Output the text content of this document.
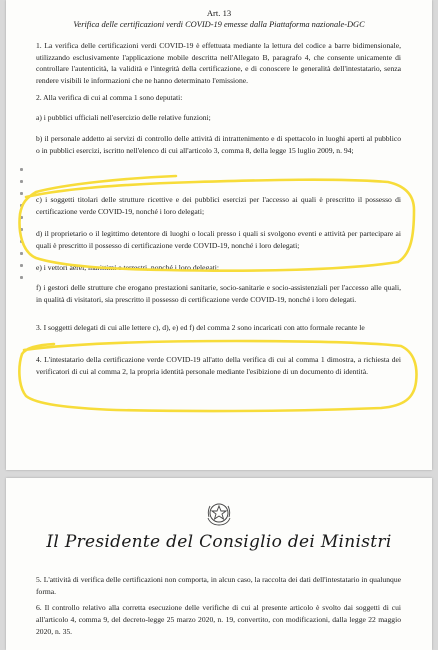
Art. 13
Verifica delle certificazioni verdi COVID-19 emesse dalla Piattaforma nazionale-DGC
1. La verifica delle certificazioni verdi COVID-19 è effettuata mediante la lettura del codice a barre bidimensionale, utilizzando esclusivamente l'applicazione mobile descritta nell'Allegato B, paragrafo 4, che consente unicamente di controllare l'autenticità, la validità e l'integrità della certificazione, e di conoscere le generalità dell'intestatario, senza rendere visibili le informazioni che ne hanno determinato l'emissione.
2. Alla verifica di cui al comma 1 sono deputati:
a) i pubblici ufficiali nell'esercizio delle relative funzioni;
b) il personale addetto ai servizi di controllo delle attività di intrattenimento e di spettacolo in luoghi aperti al pubblico o in pubblici esercizi, iscritto nell'elenco di cui all'articolo 3, comma 8, della legge 15 luglio 2009, n. 94;
c) i soggetti titolari delle strutture ricettive e dei pubblici esercizi per l'accesso ai quali è prescritto il possesso di certificazione verde COVID-19, nonché i loro delegati;
d) il proprietario o il legittimo detentore di luoghi o locali presso i quali si svolgono eventi e attività per partecipare ai quali è prescritto il possesso di certificazione verde COVID-19, nonché i loro delegati;
e) i vettori aerei, marittimi e terrestri, nonché i loro delegati;
f) i gestori delle strutture che erogano prestazioni sanitarie, socio-sanitarie e socio-assistenziali per l'accesso alle quali, in qualità di visitatori, sia prescritto il possesso di certificazione verde COVID-19, nonché i loro delegati.
3. I soggetti delegati di cui alle lettere c), d), e) ed f) del comma 2 sono incaricati con atto formale recante le
4. L'intestatario della certificazione verde COVID-19 all'atto della verifica di cui al comma 1 dimostra, a richiesta dei verificatori di cui al comma 2, la propria identità personale mediante l'esibizione di un documento di identità.
Il Presidente del Consiglio dei Ministri
5. L'attività di verifica delle certificazioni non comporta, in alcun caso, la raccolta dei dati dell'intestatario in qualunque forma.
6. Il controllo relativo alla corretta esecuzione delle verifiche di cui al presente articolo è svolto dai soggetti di cui all'articolo 4, comma 9, del decreto-legge 25 marzo 2020, n. 19, convertito, con modificazioni, dalla legge 22 maggio 2020, n. 35.
